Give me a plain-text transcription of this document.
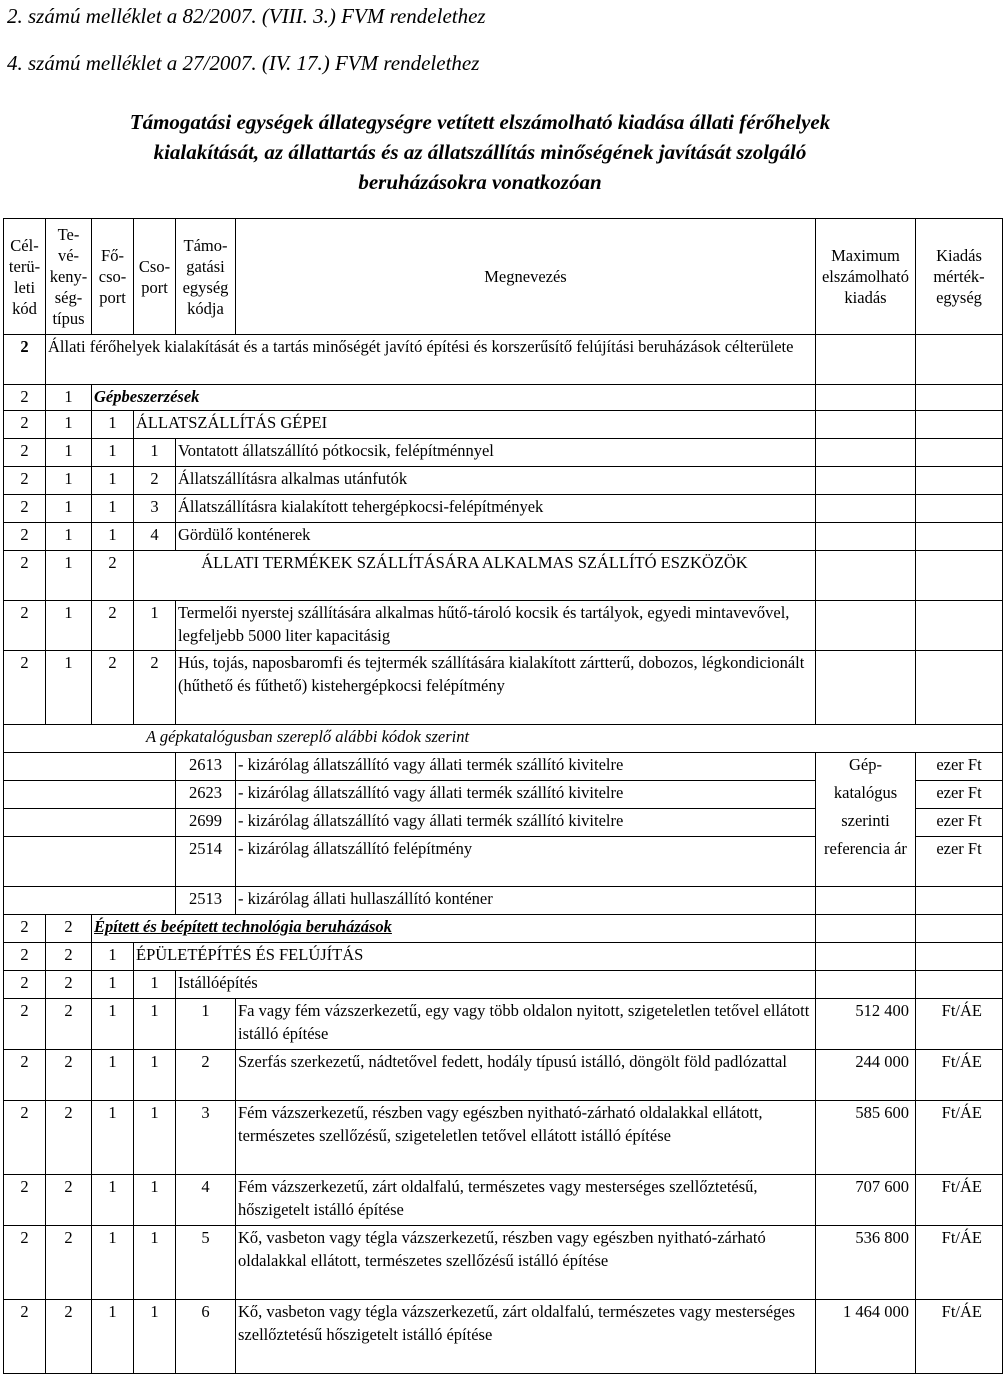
2. számú melléklet a 82/2007. (VIII. 3.) FVM rendelethez
4. számú melléklet a 27/2007. (IV. 17.) FVM rendelethez
Támogatási egységek állategységre vetített elszámolható kiadása állati férőhelyek
kialakítását, az állattartás és az állatszállítás minőségének javítását szolgáló
beruházásokra vonatkozóan
Cél-terü-leti kód	Te-vé-keny-ség-típus	Fő-cso-port	Cso-port	Támo-gatási egység kódja	Megnevezés	Maximum elszámolható kiadás	Kiadás mérték-egység
2	Állati férőhelyek kialakítását és a tartás minőségét javító építési és korszerűsítő felújítási beruházások célterülete						
2	1	Gépbeszerzések					
2	1	1	ÁLLATSZÁLLÍTÁS GÉPEI				
2	1	1	1	Vontatott állatszállító pótkocsik, felépítménnyel			
2	1	1	2	Állatszállításra alkalmas utánfutók			
2	1	1	3	Állatszállításra kialakított tehergépkocsi-felépítmények			
2	1	1	4	Gördülő konténerek			
2	1	2	ÁLLATI TERMÉKEK SZÁLLÍTÁSÁRA ALKALMAS SZÁLLÍTÓ ESZKÖZÖK				
2	1	2	1	Termelői nyerstej szállítására alkalmas hűtő-tároló kocsik és tartályok, egyedi mintavevővel, legfeljebb 5000 liter kapacitásig			
2	1	2	2	Hús, tojás, naposbaromfi és tejtermék szállítására kialakított zártterű, dobozos, légkondicionált (hűthető és fűthető) kistehergépkocsi felépítmény			
A gépkatalógusban szereplő alábbi kódok szerint							
				2613	- kizárólag állatszállító vagy állati termék szállító kivitelre	Gép-	ezer Ft
				2623	- kizárólag állatszállító vagy állati termék szállító kivitelre	katalógus	ezer Ft
				2699	- kizárólag állatszállító vagy állati termék szállító kivitelre	szerinti	ezer Ft
				2514	- kizárólag állatszállító felépítmény	referencia ár	ezer Ft
				2513	- kizárólag állati hullaszállító konténer		
2	2	Épített és beépített technológia beruházások					
2	2	1	ÉPÜLETÉPÍTÉS ÉS FELÚJÍTÁS				
2	2	1	1	Istállóépítés			
2	2	1	1	1	Fa vagy fém vázszerkezetű, egy vagy több oldalon nyitott, szigeteletlen tetővel ellátott istálló építése	512 400	Ft/ÁE
2	2	1	1	2	Szerfás szerkezetű, nádtetővel fedett, hodály típusú istálló, döngölt föld padlózattal	244 000	Ft/ÁE
2	2	1	1	3	Fém vázszerkezetű, részben vagy egészben nyitható-zárható oldalakkal ellátott, természetes szellőzésű, szigeteletlen tetővel ellátott istálló építése	585 600	Ft/ÁE
2	2	1	1	4	Fém vázszerkezetű, zárt oldalfalú, természetes vagy mesterséges szellőztetésű, hőszigetelt istálló építése	707 600	Ft/ÁE
2	2	1	1	5	Kő, vasbeton vagy tégla vázszerkezetű, részben vagy egészben nyitható-zárható oldalakkal ellátott, természetes szellőzésű istálló építése	536 800	Ft/ÁE
2	2	1	1	6	Kő, vasbeton vagy tégla vázszerkezetű, zárt oldalfalú, természetes vagy mesterséges szellőztetésű hőszigetelt istálló építése	1 464 000	Ft/ÁE
